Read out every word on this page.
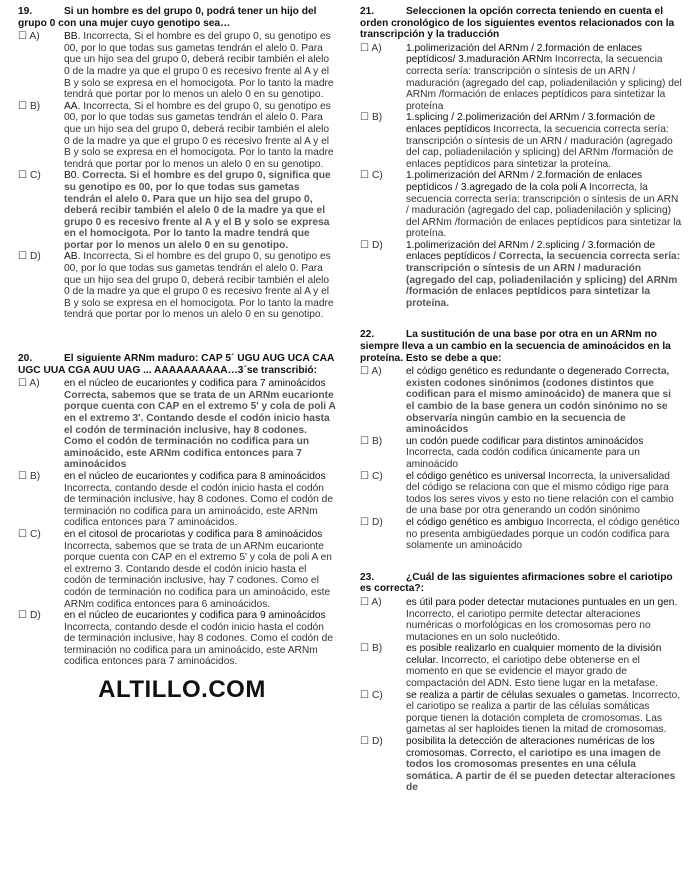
19.	Si un hombre es del grupo 0, podrá tener un hijo del grupo 0 con una mujer cuyo genotipo sea…

☐ A) BB. Incorrecta, Si el hombre es del grupo 0, su genotipo es 00, por lo que todas sus gametas tendrán el alelo 0. Para que un hijo sea del grupo 0, deberá recibir también el alelo 0 de la madre ya que el grupo 0 es recesivo frente al A y el B y solo se expresa en el homocigota. Por lo tanto la madre tendrá que portar por lo menos un alelo 0 en su genotipo.

☐ B) AA. Incorrecta, Si el hombre es del grupo 0, su genotipo es 00, por lo que todas sus gametas tendrán el alelo 0. Para que un hijo sea del grupo 0, deberá recibir también el alelo 0 de la madre ya que el grupo 0 es recesivo frente al A y el B y solo se expresa en el homocigota. Por lo tanto la madre tendrá que portar por lo menos un alelo 0 en su genotipo.

☐ C) B0. Correcta. Si el hombre es del grupo 0, significa que su genotipo es 00, por lo que todas sus gametas tendrán el alelo 0. Para que un hijo sea del grupo 0, deberá recibir también el alelo 0 de la madre ya que el grupo 0 es recesivo frente al A y el B y solo se expresa en el homocigota. Por lo tanto la madre tendrá que portar por lo menos un alelo 0 en su genotipo.

☐ D) AB. Incorrecta, Si el hombre es del grupo 0, su genotipo es 00, por lo que todas sus gametas tendrán el alelo 0. Para que un hijo sea del grupo 0, deberá recibir también el alelo 0 de la madre ya que el grupo 0 es recesivo frente al A y el B y solo se expresa en el homocigota. Por lo tanto la madre tendrá que portar por lo menos un alelo 0 en su genotipo.

20.	El siguiente ARNm maduro: CAP 5´ UGU AUG UCA CAA UGC UUA CGA AUU UAG ... AAAAAAAAAA…3´se transcribió:

☐ A) en el núcleo de eucariontes y codifica para 7 aminoácidos Correcta, sabemos que se trata de un ARNm eucarionte porque cuenta con CAP en el extremo 5' y cola de poli A en el extremo 3'. Contando desde el codón inicio hasta el codón de terminación inclusive, hay 8 codones. Como el codón de terminación no codifica para un aminoácido, este ARNm codifica entonces para 7 aminoácidos

☐ B) en el núcleo de eucariontes y codifica para 8 aminoácidos Incorrecta, contando desde el codón inicio hasta el codón de terminación inclusive, hay 8 codones. Como el codón de terminación no codifica para un aminoácido, este ARNm codifica entonces para 7 aminoácidos.

☐ C) en el citosol de procariotas y codifica para 8 aminoácidos Incorrecta, sabemos que se trata de un ARNm eucarionte porque cuenta con CAP en el extremo 5' y cola de poli A en el extremo 3. Contando desde el codón inicio hasta el codón de terminación inclusive, hay 7 codones. Como el codón de terminación no codifica para un aminoácido, este ARNm codifica entonces para 6 aminoácidos.

☐ D) en el núcleo de eucariontes y codifica para 9 aminoácidos Incorrecta, contando desde el codón inicio hasta el codón de terminación inclusive, hay 8 codones. Como el codón de terminación no codifica para un aminoácido, este ARNm codifica entonces para 7 aminoácidos.

ALTILLO.COM

21.	Seleccionen la opción correcta teniendo en cuenta el orden cronológico de los siguientes eventos relacionados con la transcripción y la traducción

☐ A) 1.polimerización del ARNm / 2.formación de enlaces peptídicos/ 3.maduración ARNm Incorrecta, la secuencia correcta sería: transcripción o síntesis de un ARN / maduración (agregado del cap, poliadenilación y splicing) del ARNm /formación de enlaces peptídicos para sintetizar la proteína

☐ B) 1.splicing / 2.polimerización del ARNm / 3.formación de enlaces peptídicos Incorrecta, la secuencia correcta sería: transcripción o síntesis de un ARN / maduración (agregado del cap, poliadenilación y splicing) del ARNm /formación de enlaces peptídicos para sintetizar la proteína.

☐ C) 1.polimerización del ARNm / 2.formación de enlaces peptídicos / 3.agregado de la cola poli A Incorrecta, la secuencia correcta sería: transcripción o síntesis de un ARN / maduración (agregado del cap, poliadenilación y splicing) del ARNm /formación de enlaces peptídicos para sintetizar la proteína.

☐ D) 1.polimerización del ARNm / 2.splicing / 3.formación de enlaces peptídicos / Correcta, la secuencia correcta sería: transcripción o síntesis de un ARN / maduración (agregado del cap, poliadenilación y splicing) del ARNm /formación de enlaces peptídicos para sintetizar la proteína.

22.	La sustitución de una base por otra en un ARNm no siempre lleva a un cambio en la secuencia de aminoácidos en la proteína. Esto se debe a que:

☐ A) el código genético es redundante o degenerado Correcta, existen codones sinónimos (codones distintos que codifican para el mismo aminoácido) de manera que si el cambio de la base genera un codón sinónimo no se observaría ningún cambio en la secuencia de aminoácidos

☐ B) un codón puede codificar para distintos aminoácidos Incorrecta, cada codón codifica únicamente para un aminoácido

☐ C) el código genético es universal Incorrecta, la universalidad del código se relaciona con que el mismo código rige para todos los seres vivos y esto no tiene relación con el cambio de una base por otra generando un codón sinónimo

☐ D) el código genético es ambiguo Incorrecta, el código genético no presenta ambigüedades porque un codón codifica para solamente un aminoácido

23.	¿Cuál de las siguientes afirmaciones sobre el cariotipo es correcta?:

☐ A) es útil para poder detectar mutaciones puntuales en un gen. Incorrecto, el cariotipo permite detectar alteraciones numéricas o morfológicas en los cromosomas pero no mutaciones en un solo nucleótido.

☐ B) es posible realizarlo en cualquier momento de la división celular. Incorrecto, el cariotipo debe obtenerse en el momento en que se evidencie el mayor grado de compactación del ADN. Esto tiene lugar en la metafase.

☐ C) se realiza a partir de células sexuales o gametas. Incorrecto, el cariotipo se realiza a partir de las células somáticas porque tienen la dotación completa de cromosomas. Las gametas al ser haploides tienen la mitad de cromosomas.

☐ D) posibilita la detección de alteraciones numéricas de los cromosomas. Correcto, el cariotipo es una imagen de todos los cromosomas presentes en una célula somática. A partir de él se pueden detectar alteraciones de
